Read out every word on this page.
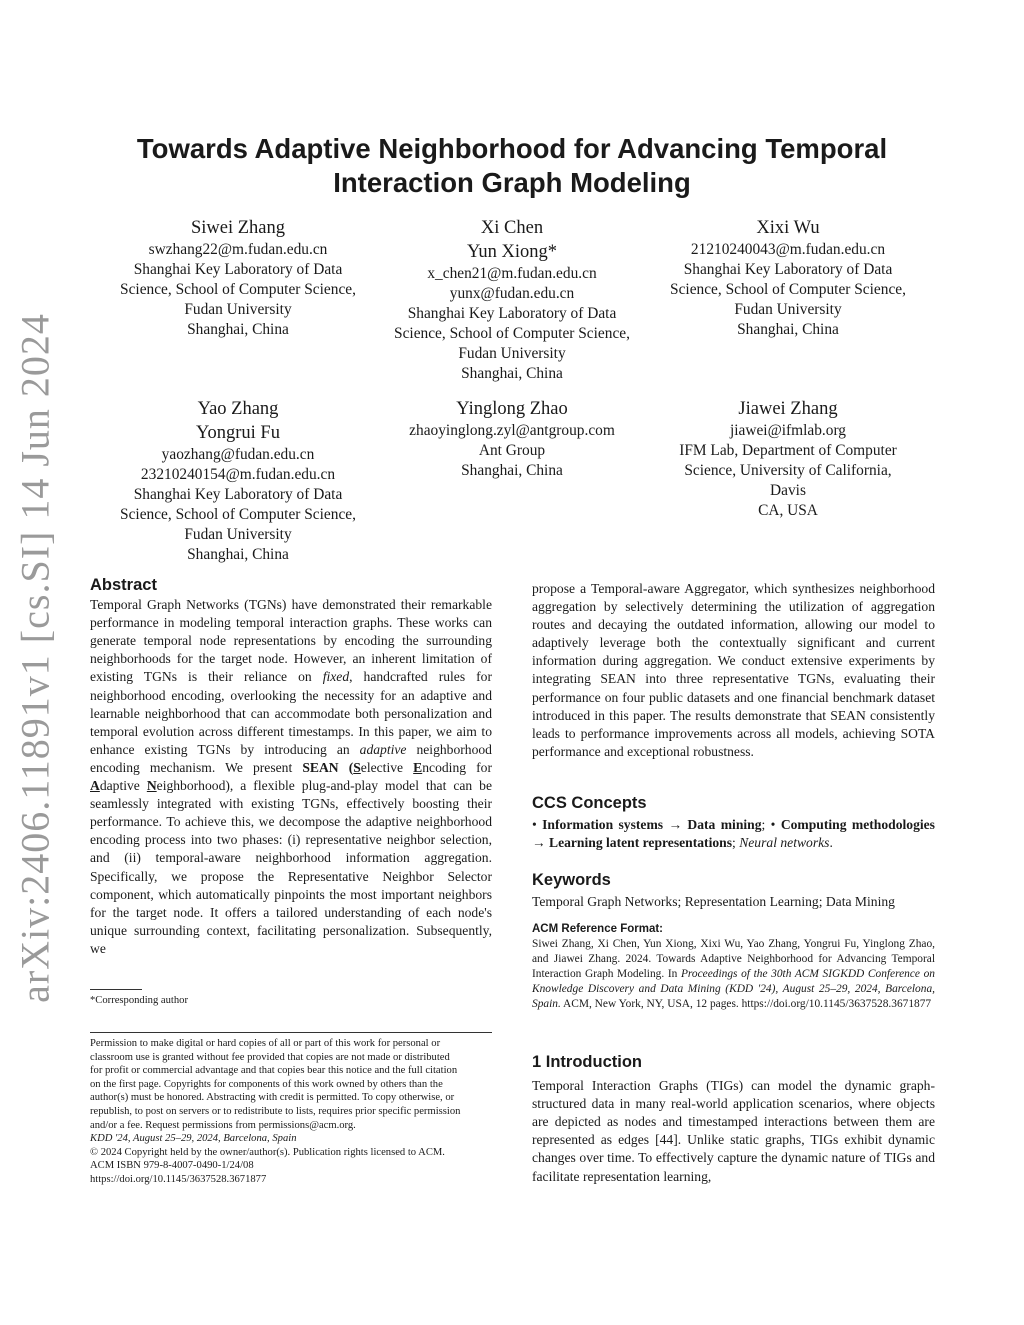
arXiv:2406.11891v1 [cs.SI] 14 Jun 2024
Towards Adaptive Neighborhood for Advancing Temporal
Interaction Graph Modeling
Siwei Zhang
swzhang22@m.fudan.edu.cn
Shanghai Key Laboratory of Data
Science, School of Computer Science,
Fudan University
Shanghai, China
Xi Chen
Yun Xiong*
x_chen21@m.fudan.edu.cn
yunx@fudan.edu.cn
Shanghai Key Laboratory of Data
Science, School of Computer Science,
Fudan University
Shanghai, China
Xixi Wu
21210240043@m.fudan.edu.cn
Shanghai Key Laboratory of Data
Science, School of Computer Science,
Fudan University
Shanghai, China
Yao Zhang
Yongrui Fu
yaozhang@fudan.edu.cn
23210240154@m.fudan.edu.cn
Shanghai Key Laboratory of Data
Science, School of Computer Science,
Fudan University
Shanghai, China
Yinglong Zhao
zhaoyinglong.zyl@antgroup.com
Ant Group
Shanghai, China
Jiawei Zhang
jiawei@ifmlab.org
IFM Lab, Department of Computer
Science, University of California,
Davis
CA, USA
Abstract

Temporal Graph Networks (TGNs) have demonstrated their remarkable performance in modeling temporal interaction graphs. These works can generate temporal node representations by encoding the surrounding neighborhoods for the target node. However, an inherent limitation of existing TGNs is their reliance on fixed, handcrafted rules for neighborhood encoding, overlooking the necessity for an adaptive and learnable neighborhood that can accommodate both personalization and temporal evolution across different timestamps. In this paper, we aim to enhance existing TGNs by introducing an adaptive neighborhood encoding mechanism. We present SEAN (Selective Encoding for Adaptive Neighborhood), a flexible plug-and-play model that can be seamlessly integrated with existing TGNs, effectively boosting their performance. To achieve this, we decompose the adaptive neighborhood encoding process into two phases: (i) representative neighbor selection, and (ii) temporal-aware neighborhood information aggregation. Specifically, we propose the Representative Neighbor Selector component, which automatically pinpoints the most important neighbors for the target node. It offers a tailored understanding of each node's unique surrounding context, facilitating personalization. Subsequently, we

*Corresponding author
Permission to make digital or hard copies of all or part of this work for personal or
classroom use is granted without fee provided that copies are not made or distributed
for profit or commercial advantage and that copies bear this notice and the full citation
on the first page. Copyrights for components of this work owned by others than the
author(s) must be honored. Abstracting with credit is permitted. To copy otherwise, or
republish, to post on servers or to redistribute to lists, requires prior specific permission
and/or a fee. Request permissions from permissions@acm.org.
KDD '24, August 25–29, 2024, Barcelona, Spain
© 2024 Copyright held by the owner/author(s). Publication rights licensed to ACM.
ACM ISBN 979-8-4007-0490-1/24/08
https://doi.org/10.1145/3637528.3671877

propose a Temporal-aware Aggregator, which synthesizes neighborhood aggregation by selectively determining the utilization of aggregation routes and decaying the outdated information, allowing our model to adaptively leverage both the contextually significant and current information during aggregation. We conduct extensive experiments by integrating SEAN into three representative TGNs, evaluating their performance on four public datasets and one financial benchmark dataset introduced in this paper. The results demonstrate that SEAN consistently leads to performance improvements across all models, achieving SOTA performance and exceptional robustness.

CCS Concepts

• Information systems → Data mining; • Computing methodologies → Learning latent representations; Neural networks.

Keywords

Temporal Graph Networks; Representation Learning; Data Mining

ACM Reference Format:

Siwei Zhang, Xi Chen, Yun Xiong, Xixi Wu, Yao Zhang, Yongrui Fu, Yinglong Zhao, and Jiawei Zhang. 2024. Towards Adaptive Neighborhood for Advancing Temporal Interaction Graph Modeling. In Proceedings of the 30th ACM SIGKDD Conference on Knowledge Discovery and Data Mining (KDD '24), August 25–29, 2024, Barcelona, Spain. ACM, New York, NY, USA, 12 pages. https://doi.org/10.1145/3637528.3671877

1 Introduction

Temporal Interaction Graphs (TIGs) can model the dynamic graph-structured data in many real-world application scenarios, where objects are depicted as nodes and timestamped interactions between them are represented as edges [44]. Unlike static graphs, TIGs exhibit dynamic changes over time. To effectively capture the dynamic nature of TIGs and facilitate representation learning,
